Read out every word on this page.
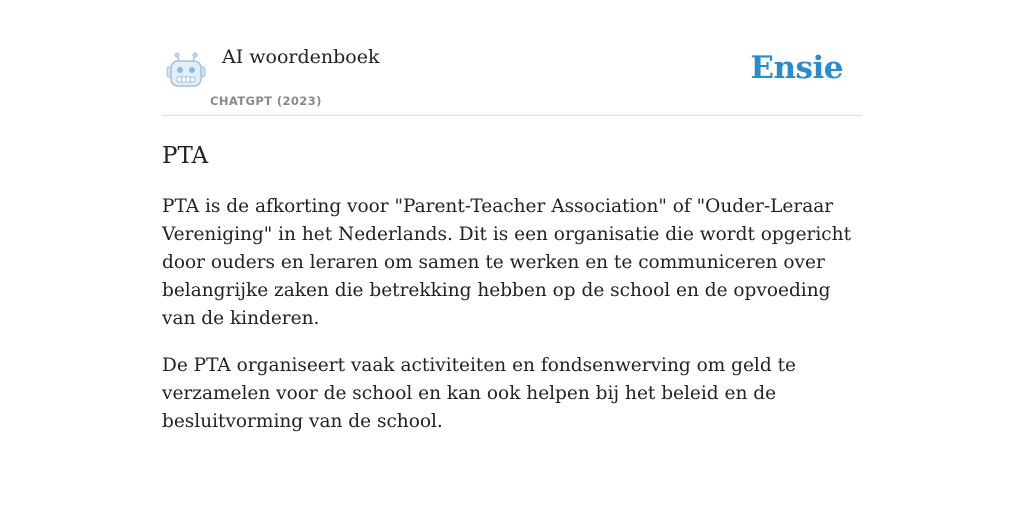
AI woordenboek
CHATGPT (2023)
Ensie
PTA

PTA is de afkorting voor "Parent-Teacher Association" of "Ouder-Leraar Vereniging" in het Nederlands. Dit is een organisatie die wordt opgericht door ouders en leraren om samen te werken en te communiceren over belangrijke zaken die betrekking hebben op de school en de opvoeding van de kinderen.

De PTA organiseert vaak activiteiten en fondsenwerving om geld te verzamelen voor de school en kan ook helpen bij het beleid en de besluitvorming van de school.
